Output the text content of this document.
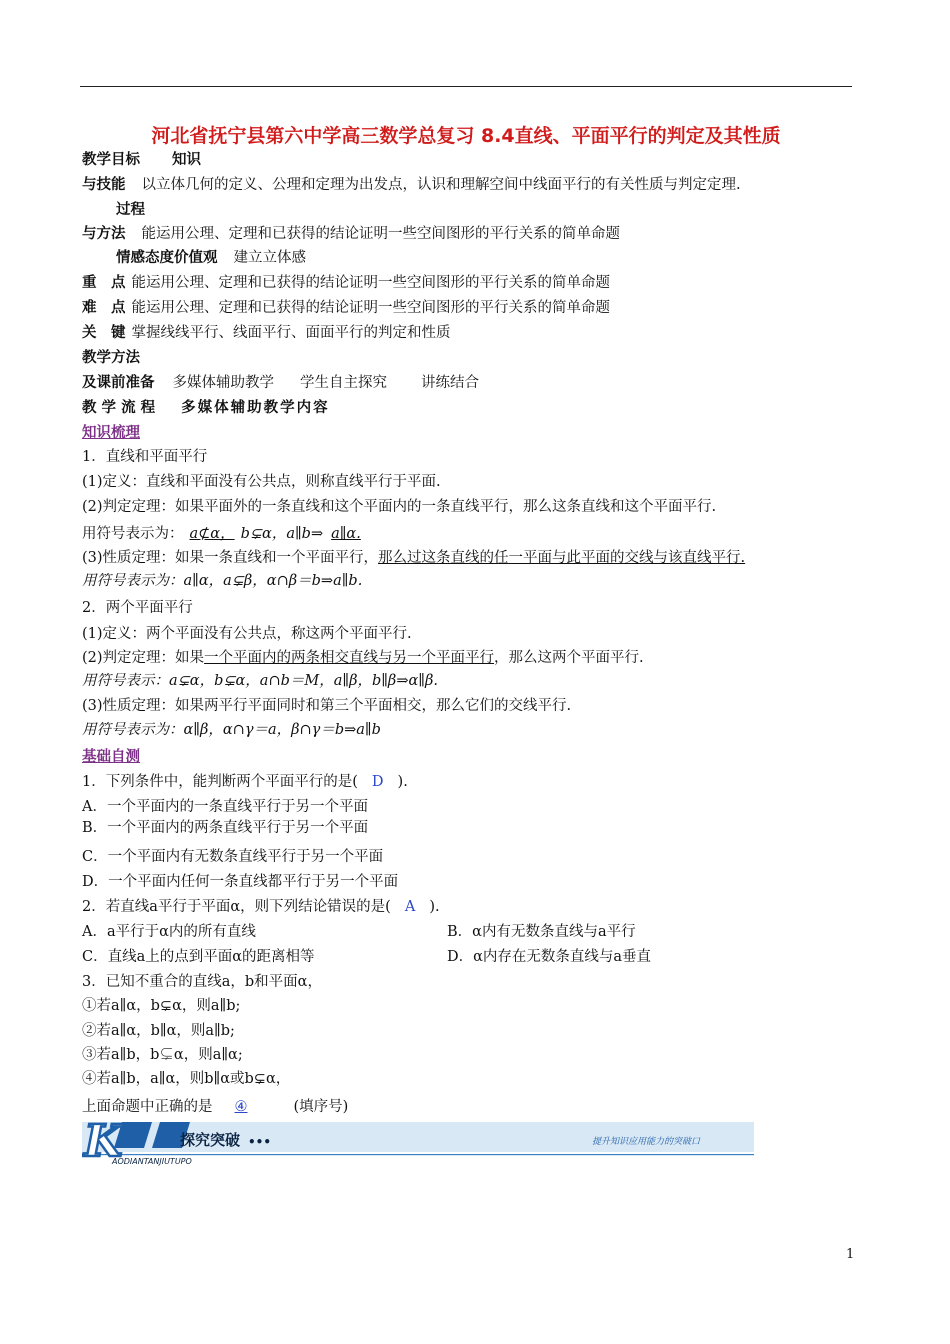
河北省抚宁县第六中学高三数学总复习 8.4直线、平面平行的判定及其性质
教学目标 知识
与技能 以立体几何的定义、公理和定理为出发点，认识和理解空间中线面平行的有关性质与判定定理.
过程
与方法 能运用公理、定理和已获得的结论证明一些空间图形的平行关系的简单命题
情感态度价值观 建立立体感
重　点 能运用公理、定理和已获得的结论证明一些空间图形的平行关系的简单命题
难　点 能运用公理、定理和已获得的结论证明一些空间图形的平行关系的简单命题
关　键 掌握线线平行、线面平行、面面平行的判定和性质
教学方法
及课前准备 多媒体辅助教学 学生自主探究 讲练结合
教 学 流 程 多媒体辅助教学内容
知识梳理
1．直线和平面平行
(1)定义：直线和平面没有公共点，则称直线平行于平面.
(2)判定定理：如果平面外的一条直线和这个平面内的一条直线平行，那么这条直线和这个平面平行.
用符号表示为： a⊄α， b⊊α，a∥b⇒ a∥α.
(3)性质定理：如果一条直线和一个平面平行，那么过这条直线的任一平面与此平面的交线与该直线平行.
用符号表示为：a∥α，a⊊β，α∩β＝b⇒a∥b.
2．两个平面平行
(1)定义：两个平面没有公共点，称这两个平面平行.
(2)判定定理：如果一个平面内的两条相交直线与另一个平面平行，那么这两个平面平行.
用符号表示：a⊊α，b⊊α，a∩b＝M，a∥β，b∥β⇒α∥β.
(3)性质定理：如果两平行平面同时和第三个平面相交，那么它们的交线平行.
用符号表示为：α∥β，α∩γ＝a，β∩γ＝b⇒a∥b
基础自测
1．下列条件中，能判断两个平面平行的是( D ).
A．一个平面内的一条直线平行于另一个平面
B．一个平面内的两条直线平行于另一个平面
C．一个平面内有无数条直线平行于另一个平面
D．一个平面内任何一条直线都平行于另一个平面
2．若直线a平行于平面α，则下列结论错误的是( A ).
A．a平行于α内的所有直线	B．α内有无数条直线与a平行
C．直线a上的点到平面α的距离相等	D．α内存在无数条直线与a垂直
3．已知不重合的直线a，b和平面α，
①若a∥α，b⊊α，则a∥b;
②若a∥α，b∥α，则a∥b;
③若a∥b，b⊊α，则a∥α;
④若a∥b，a∥α，则b∥α或b⊊α，
上面命题中正确的是 ④	(填序号)
K	探究突破 •••
AODIANTANJIUTUPO
提升知识应用能力的突破口
1
